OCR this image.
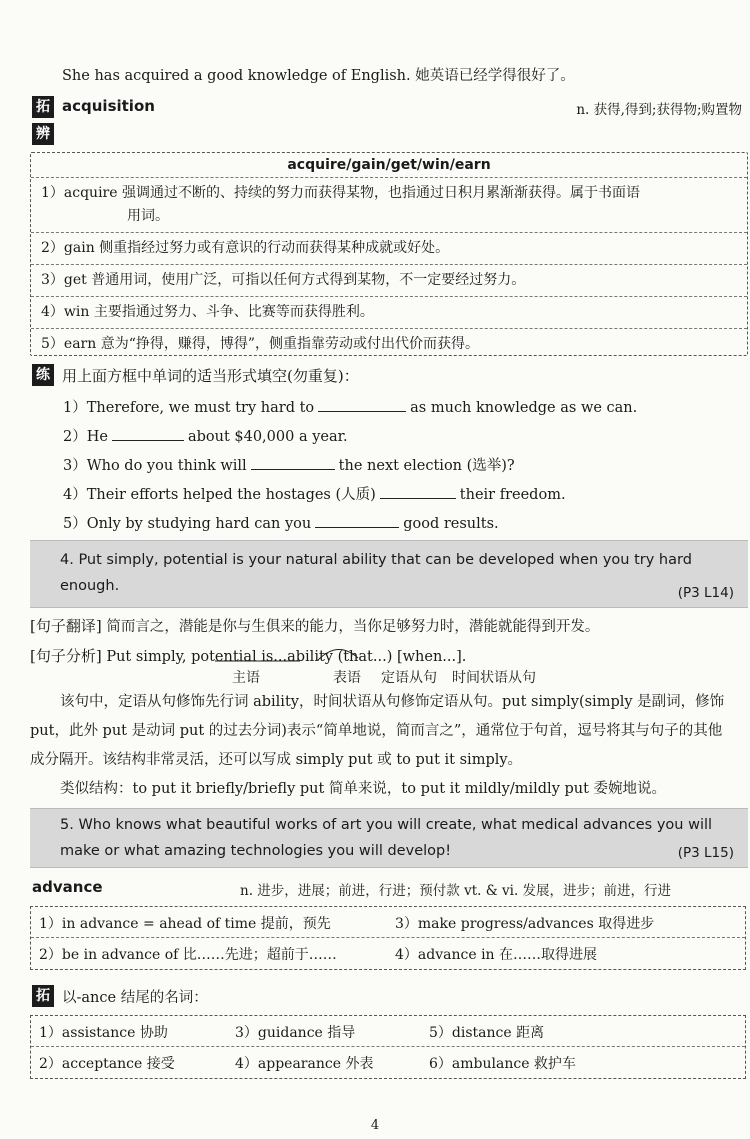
She has acquired a good knowledge of English. 她英语已经学得很好了。
拓
辨
acquisition	n. 获得,得到;获得物;购置物
acquire/gain/get/win/earn
1）acquire 强调通过不断的、持续的努力而获得某物，也指通过日积月累渐渐获得。属于书面语
用词。
2）gain 侧重指经过努力或有意识的行动而获得某种成就或好处。
3）get 普通用词，使用广泛，可指以任何方式得到某物，不一定要经过努力。
4）win 主要指通过努力、斗争、比赛等而获得胜利。
5）earn 意为“挣得，赚得，博得”，侧重指靠劳动或付出代价而获得。
练 用上面方框中单词的适当形式填空(勿重复)：
1）Therefore, we must try hard to	as much knowledge as we can.
2）He	about $40,000 a year.
3）Who do you think will	the next election (选举)?
4）Their efforts helped the hostages (人质)	their freedom.
5）Only by studying hard can you	good results.
4. Put simply, potential is your natural ability that can be developed when you try hard enough.	(P3 L14)
[句子翻译] 简而言之，潜能是你与生俱来的能力，当你足够努力时，潜能就能得到开发。
[句子分析] Put simply, potential is...ability (that...) [when...].
主语	表语 定语从句 时间状语从句
该句中，定语从句修饰先行词 ability，时间状语从句修饰定语从句。put simply(simply 是副词，修饰 put，此外 put 是动词 put 的过去分词)表示“简单地说，简而言之”，通常位于句首，逗号将其与句子的其他成分隔开。该结构非常灵活，还可以写成 simply put 或 to put it simply。
类似结构：to put it briefly/briefly put 简单来说，to put it mildly/mildly put 委婉地说。
5. Who knows what beautiful works of art you will create, what medical advances you will
make or what amazing technologies you will develop!	(P3 L15)
advance	n. 进步，进展；前进，行进；预付款 vt. & vi. 发展，进步；前进，行进
1）in advance = ahead of time 提前，预先	3）make progress/advances 取得进步
2）be in advance of 比……先进；超前于……	4）advance in 在……取得进展
拓 以-ance 结尾的名词：
1）assistance 协助	3）guidance 指导	5）distance 距离
2）acceptance 接受	4）appearance 外表	6）ambulance 救护车
4
